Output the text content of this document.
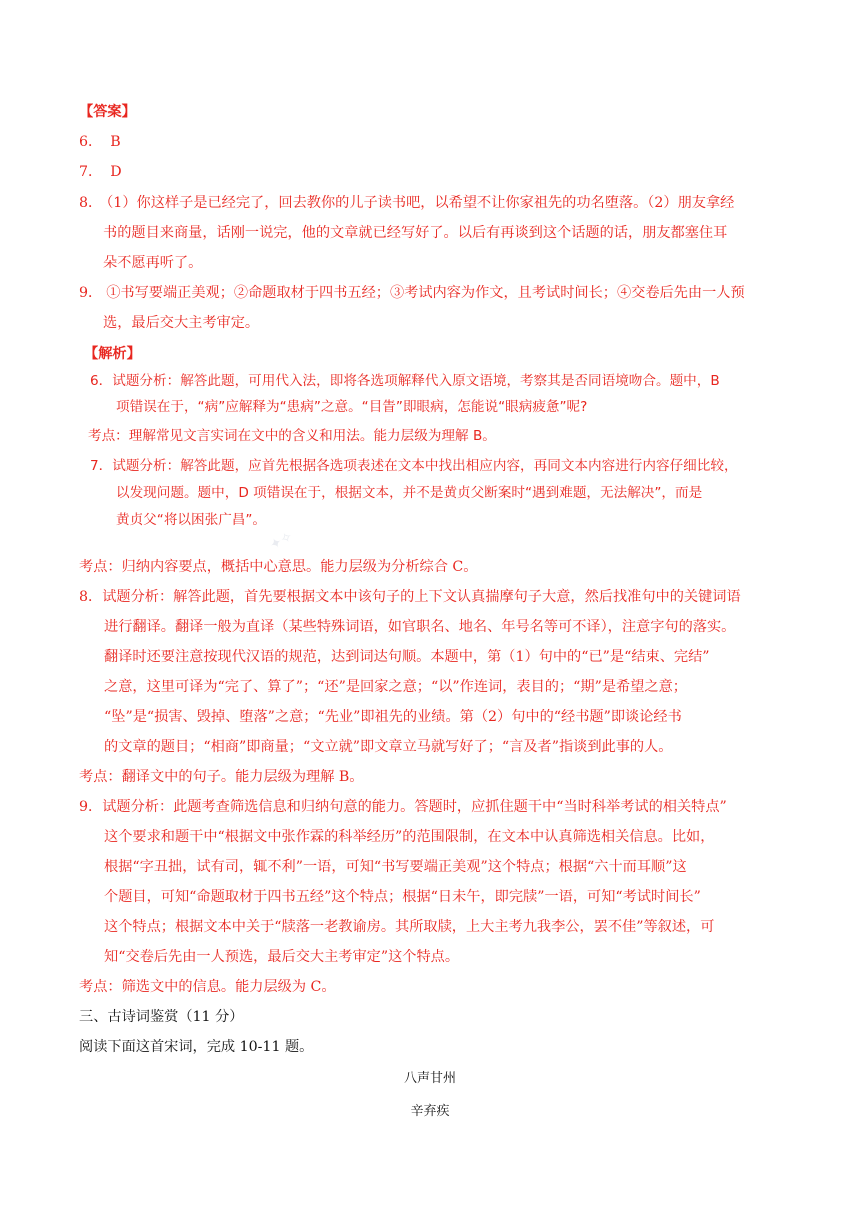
【答案】
6． B
7． D
8． （1）你这样子是已经完了，回去教你的儿子读书吧，以希望不让你家祖先的功名堕落。（2）朋友拿经
书的题目来商量，话刚一说完，他的文章就已经写好了。以后有再谈到这个话题的话，朋友都塞住耳
朵不愿再听了。
9． ①书写要端正美观；②命题取材于四书五经；③考试内容为作文，且考试时间长；④交卷后先由一人预
选，最后交大主考审定。
【解析】
6．试题分析：解答此题，可用代入法，即将各选项解释代入原文语境，考察其是否同语境吻合。题中，B
项错误在于，“病”应解释为“患病”之意。“目眚”即眼病，怎能说“眼病疲惫”呢?
考点：理解常见文言实词在文中的含义和用法。能力层级为理解 B。
7．试题分析：解答此题，应首先根据各选项表述在文本中找出相应内容，再同文本内容进行内容仔细比较，
以发现问题。题中，D 项错误在于，根据文本，并不是黄贞父断案时“遇到难题，无法解决”，而是
黄贞父“将以困张广昌”。
✦✧
考点：归纳内容要点，概括中心意思。能力层级为分析综合 C。
8．试题分析：解答此题，首先要根据文本中该句子的上下文认真揣摩句子大意，然后找准句中的关键词语
进行翻译。翻译一般为直译（某些特殊词语，如官职名、地名、年号名等可不译），注意字句的落实。
翻译时还要注意按现代汉语的规范，达到词达句顺。本题中，第（1）句中的“已”是“结束、完结”
之意，这里可译为“完了、算了”；“还”是回家之意；“以”作连词，表目的；“期”是希望之意；
“坠”是“损害、毁掉、堕落”之意；“先业”即祖先的业绩。第（2）句中的“经书题”即谈论经书
的文章的题目；“相商”即商量；“文立就”即文章立马就写好了；“言及者”指谈到此事的人。
考点：翻译文中的句子。能力层级为理解 B。
9．试题分析：此题考查筛选信息和归纳句意的能力。答题时，应抓住题干中“当时科举考试的相关特点”
这个要求和题干中“根据文中张作霖的科举经历”的范围限制，在文本中认真筛选相关信息。比如，
根据“字丑拙，试有司，辄不利”一语，可知“书写要端正美观”这个特点；根据“六十而耳顺”这
个题目，可知“命题取材于四书五经”这个特点；根据“日未午，即完牍”一语，可知“考试时间长”
这个特点；根据文本中关于“牍落一老教谕房。其所取牍，上大主考九我李公，罢不佳”等叙述，可
知“交卷后先由一人预选，最后交大主考审定”这个特点。
考点：筛选文中的信息。能力层级为 C。
三、古诗词鉴赏（11 分）
阅读下面这首宋词，完成 10-11 题。
八声甘州
辛弃疾
